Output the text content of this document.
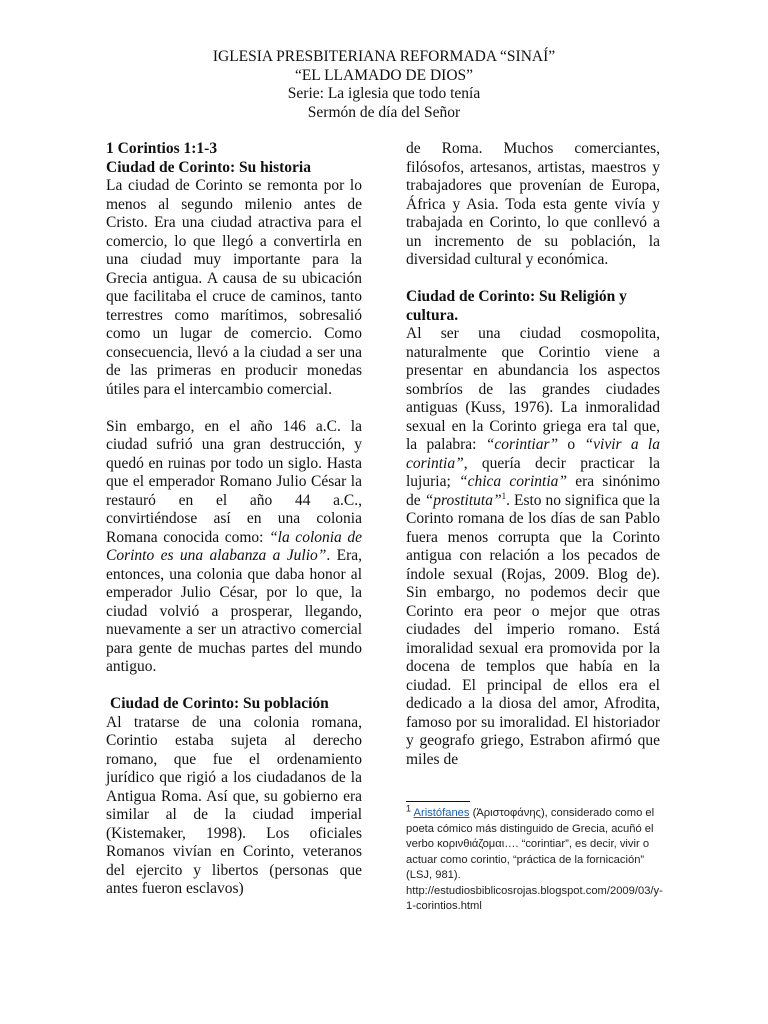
IGLESIA PRESBITERIANA REFORMADA “SINAÍ”
“EL LLAMADO DE DIOS”
Serie: La iglesia que todo tenía
Sermón de día del Señor

1 Corintios 1:1-3

Ciudad de Corinto: Su historia

La ciudad de Corinto se remonta por lo menos al segundo milenio antes de Cristo. Era una ciudad atractiva para el comercio, lo que llegó a convertirla en una ciudad muy importante para la Grecia antigua. A causa de su ubicación que facilitaba el cruce de caminos, tanto terrestres como marítimos, sobresalió como un lugar de comercio. Como consecuencia, llevó a la ciudad a ser una de las primeras en producir monedas útiles para el intercambio comercial.

Sin embargo, en el año 146 a.C. la ciudad sufrió una gran destrucción, y quedó en ruinas por todo un siglo. Hasta que el emperador Romano Julio César la restauró en el año 44 a.C., convirtiéndose así en una colonia Romana conocida como: “la colonia de Corinto es una alabanza a Julio”. Era, entonces, una colonia que daba honor al emperador Julio César, por lo que, la ciudad volvió a prosperar, llegando, nuevamente a ser un atractivo comercial para gente de muchas partes del mundo antiguo.

Ciudad de Corinto: Su población

Al tratarse de una colonia romana, Corintio estaba sujeta al derecho romano, que fue el ordenamiento jurídico que rigió a los ciudadanos de la Antigua Roma. Así que, su gobierno era similar al de la ciudad imperial (Kistemaker, 1998). Los oficiales Romanos vivían en Corinto, veteranos del ejercito y libertos (personas que antes fueron esclavos)

de Roma. Muchos comerciantes, filósofos, artesanos, artistas, maestros y trabajadores que provenían de Europa, África y Asia. Toda esta gente vivía y trabajada en Corinto, lo que conllevó a un incremento de su población, la diversidad cultural y económica.

Ciudad de Corinto: Su Religión y cultura.

Al ser una ciudad cosmopolita, naturalmente que Corintio viene a presentar en abundancia los aspectos sombríos de las grandes ciudades antiguas (Kuss, 1976). La inmoralidad sexual en la Corinto griega era tal que, la palabra: “corintiar” o “vivir a la corintia”, quería decir practicar la lujuria; “chica corintia” era sinónimo de “prostituta”$^1$. Esto no significa que la Corinto romana de los días de san Pablo fuera menos corrupta que la Corinto antigua con relación a los pecados de índole sexual (Rojas, 2009. Blog de). Sin embargo, no podemos decir que Corinto era peor o mejor que otras ciudades del imperio romano. Está imoralidad sexual era promovida por la docena de templos que había en la ciudad. El principal de ellos era el dedicado a la diosa del amor, Afrodita, famoso por su imoralidad. El historiador y geografo griego, Estrabon afirmó que miles de

$^1$ Aristófanes (Ἀριστοφάνης), considerado como el poeta cómico más distinguido de Grecia, acuñó el verbo κορινθιάζομαι…. “corintiar”, es decir, vivir o actuar como corintio, “práctica de la fornicación” (LSJ, 981). http://estudiosbiblicosrojas.blogspot.com/2009/03/y-1-corintios.html
